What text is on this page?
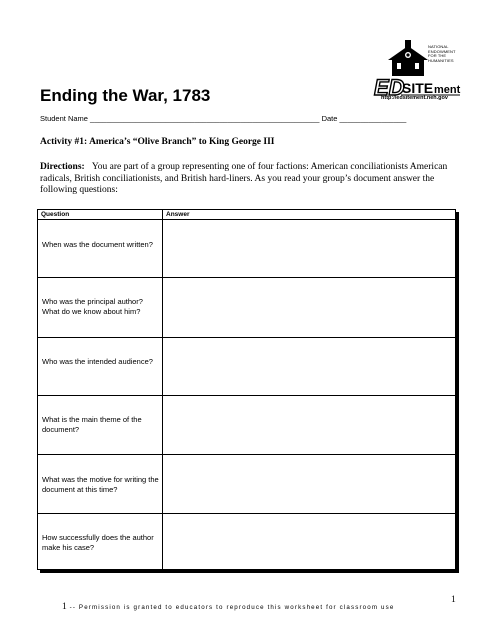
ED
SITE ment
NATIONAL
ENDOWMENT
FOR THE
HUMANITIES
http://edsitement.neh.gov
Ending the War, 1783
Student Name _______________________________________________________ Date ________________
Activity #1: America’s “Olive Branch” to King George III
Directions: You are part of a group representing one of four factions: American conciliationists American radicals, British conciliationists, and British hard-liners. As you read your group’s document answer the following questions:
Question	Answer
When was the document written?
Who was the principal author? What do we know about him?
Who was the intended audience?
What is the main theme of the document?
What was the motive for writing the document at this time?
How successfully does the author make his case?
1 -- Permission is granted to educators to reproduce this worksheet for classroom use
1
